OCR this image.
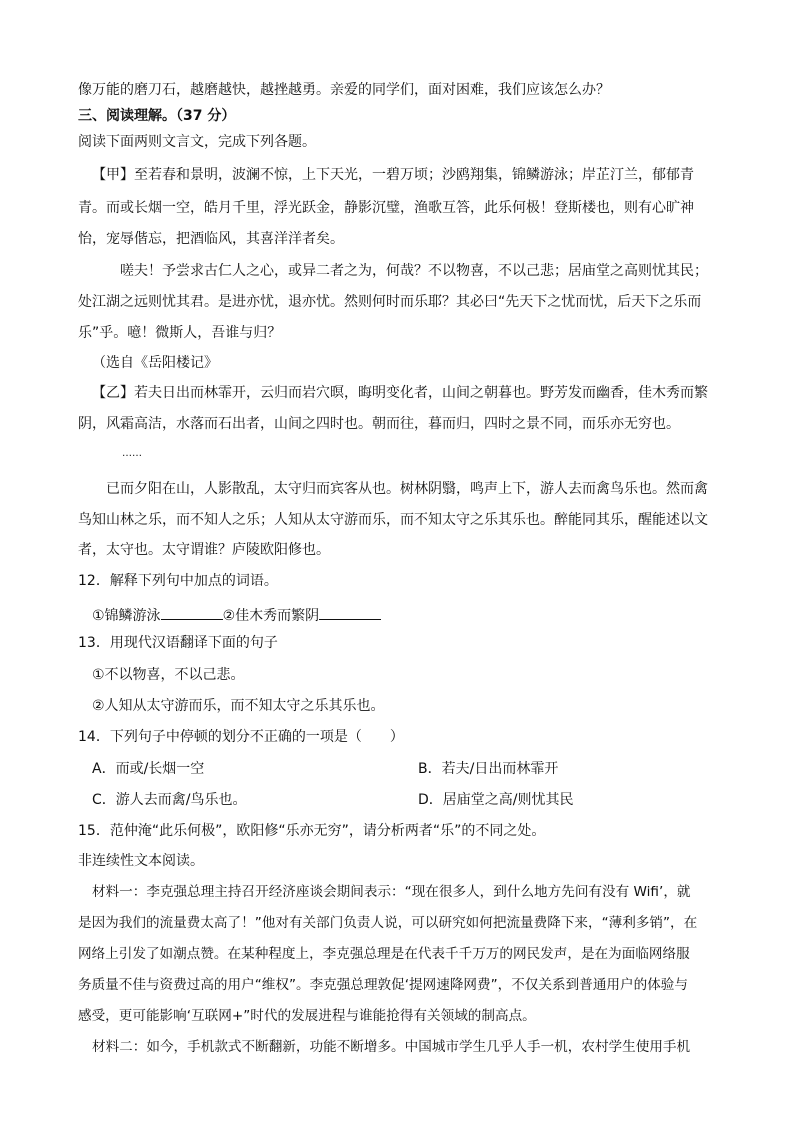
像万能的磨刀石，越磨越快，越挫越勇。亲爱的同学们，面对困难，我们应该怎么办？
三、阅读理解。（37 分）
阅读下面两则文言文，完成下列各题。
【甲】至若春和景明，波澜不惊，上下天光，一碧万顷；沙鸥翔集，锦鳞游泳；岸芷汀兰，郁郁青
青。而或长烟一空，皓月千里，浮光跃金，静影沉璧，渔歌互答，此乐何极！登斯楼也，则有心旷神
怡，宠辱偕忘，把酒临风，其喜洋洋者矣。
嗟夫！予尝求古仁人之心，或异二者之为，何哉？不以物喜，不以己悲；居庙堂之高则忧其民；
处江湖之远则忧其君。是进亦忧，退亦忧。然则何时而乐耶？其必曰“先天下之忧而忧，后天下之乐而
乐”乎。噫！微斯人，吾谁与归？
（选自《岳阳楼记》
【乙】若夫日出而林霏开，云归而岩穴暝，晦明变化者，山间之朝暮也。野芳发而幽香，佳木秀而繁
阴，风霜高洁，水落而石出者，山间之四时也。朝而往，暮而归，四时之景不同，而乐亦无穷也。
……
已而夕阳在山，人影散乱，太守归而宾客从也。树林阴翳，鸣声上下，游人去而禽鸟乐也。然而禽
鸟知山林之乐，而不知人之乐；人知从太守游而乐，而不知太守之乐其乐也。醉能同其乐，醒能述以文
者，太守也。太守谓谁？庐陵欧阳修也。
12．解释下列句中加点的词语。
①锦鳞游泳	②佳木秀而繁阴
13．用现代汉语翻译下面的句子
①不以物喜，不以己悲。
②人知从太守游而乐，而不知太守之乐其乐也。
14．下列句子中停顿的划分不正确的一项是（　　）
A．而或/长烟一空	B．若夫/日出而林霏开
C．游人去而禽/鸟乐也。	D．居庙堂之高/则忧其民
15．范仲淹“此乐何极”，欧阳修“乐亦无穷”，请分析两者“乐”的不同之处。
非连续性文本阅读。
材料一：李克强总理主持召开经济座谈会期间表示：“现在很多人，到什么地方先问有没有 Wifi’，就
是因为我们的流量费太高了！”他对有关部门负责人说，可以研究如何把流量费降下来，“薄利多销”，在
网络上引发了如潮点赞。在某种程度上，李克强总理是在代表千千万万的网民发声，是在为面临网络服
务质量不佳与资费过高的用户“维权”。李克强总理敦促‘提网速降网费”，不仅关系到普通用户的体验与
感受，更可能影响‘互联网+”时代的发展进程与谁能抢得有关领域的制高点。
材料二：如今，手机款式不断翻新，功能不断增多。中国城市学生几乎人手一机，农村学生使用手机
